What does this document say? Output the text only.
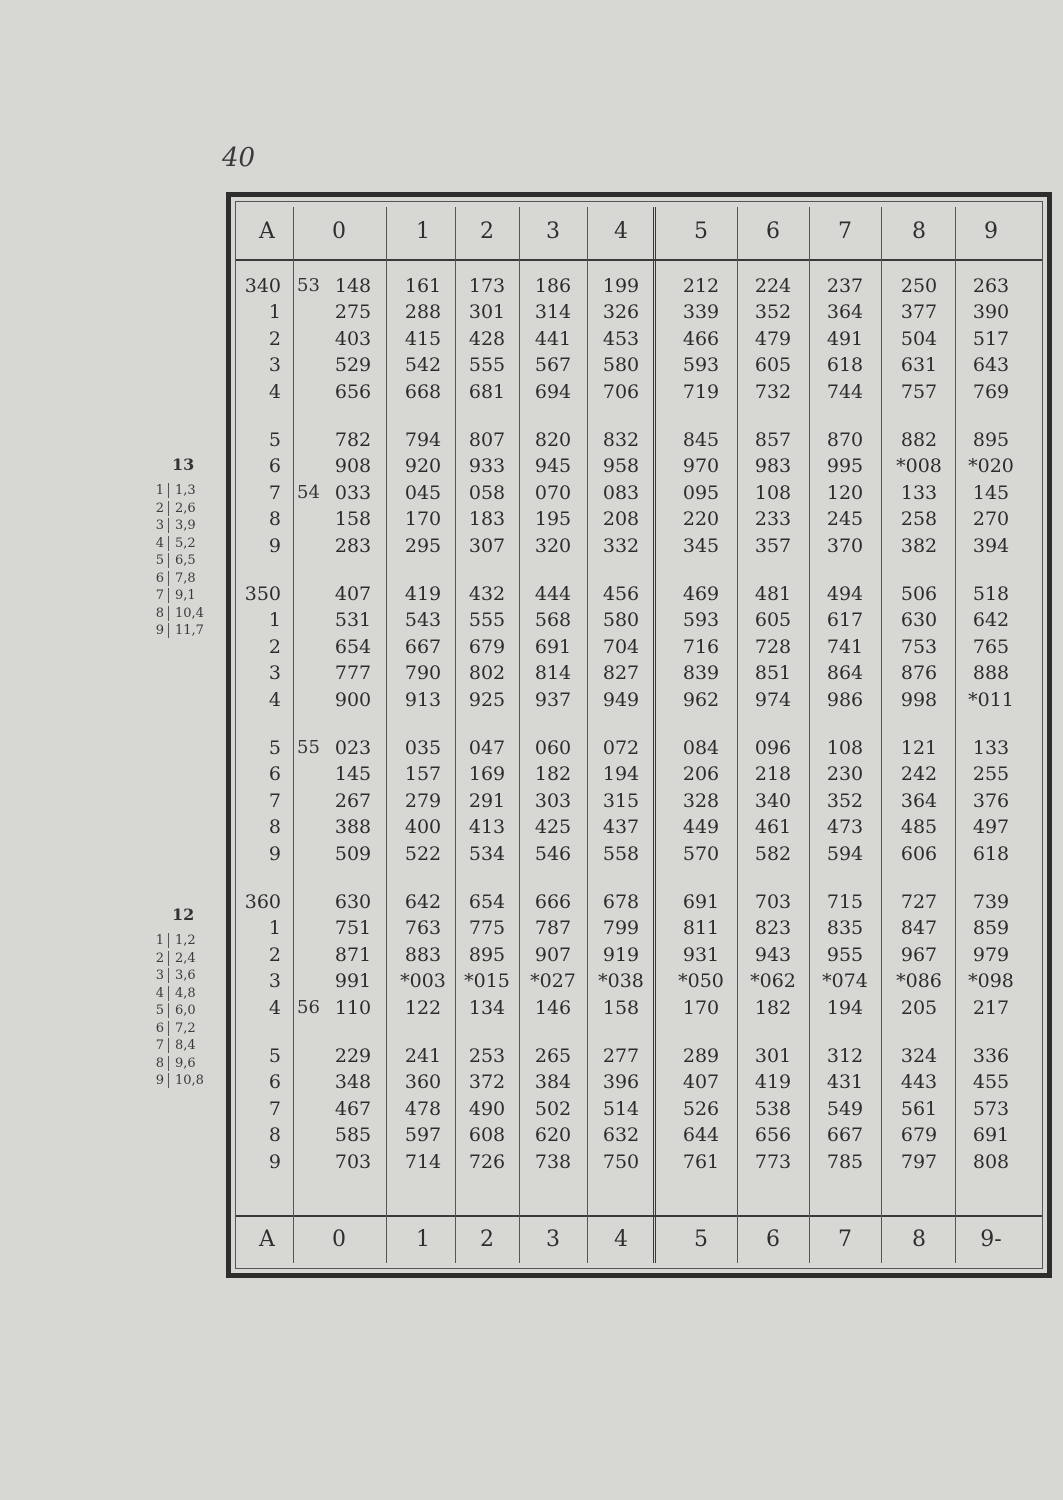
40
13
1 1,3
2 2,6
3 3,9
4 5,2
5 6,5
6 7,8
7 9,1
8 10,4
9 11,7
12
1 1,2
2 2,4
3 3,6
4 4,8
5 6,0
6 7,2
7 8,4
8 9,6
9 10,8
A	0	1	2	3	4	5	6	7	8	9
A	0	1	2	3	4	5	6	7	8	9-
340 53 148	161	173	186	199	212	224	237	250	263
1	275	288	301	314	326	339	352	364	377	390
2	403	415	428	441	453	466	479	491	504	517
3	529	542	555	567	580	593	605	618	631	643
4	656	668	681	694	706	719	732	744	757	769
5	782	794	807	820	832	845	857	870	882	895
6	908	920	933	945	958	970	983	995	*008	*020
7 54 033	045	058	070	083	095	108	120	133	145
8	158	170	183	195	208	220	233	245	258	270
9	283	295	307	320	332	345	357	370	382	394
350	407	419	432	444	456	469	481	494	506	518
1	531	543	555	568	580	593	605	617	630	642
2	654	667	679	691	704	716	728	741	753	765
3	777	790	802	814	827	839	851	864	876	888
4	900	913	925	937	949	962	974	986	998	*011
5 55 023	035	047	060	072	084	096	108	121	133
6	145	157	169	182	194	206	218	230	242	255
7	267	279	291	303	315	328	340	352	364	376
8	388	400	413	425	437	449	461	473	485	497
9	509	522	534	546	558	570	582	594	606	618
360	630	642	654	666	678	691	703	715	727	739
1	751	763	775	787	799	811	823	835	847	859
2	871	883	895	907	919	931	943	955	967	979
3	991	*003 *015	*027	*038	*050	*062	*074	*086	*098
4 56 110	122	134	146	158	170	182	194	205	217
5	229	241	253	265	277	289	301	312	324	336
6	348	360	372	384	396	407	419	431	443	455
7	467	478	490	502	514	526	538	549	561	573
8	585	597	608	620	632	644	656	667	679	691
9	703	714	726	738	750	761	773	785	797	808
